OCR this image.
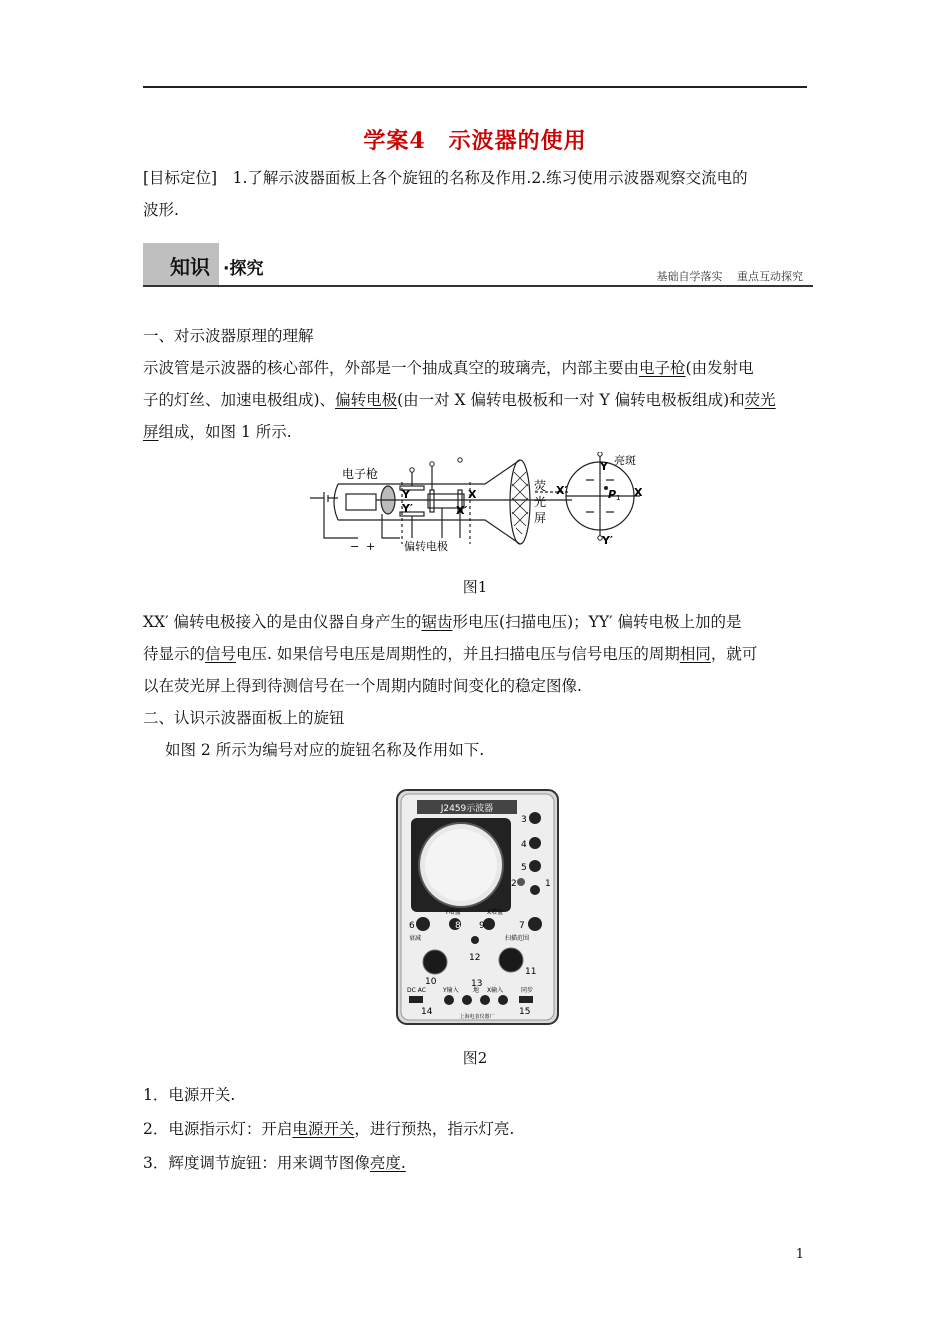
学案4　示波器的使用
[目标定位]　1.了解示波器面板上各个旋钮的名称及作用.2.练习使用示波器观察交流电的
波形.
知识 ·探究	基础自学落实　 重点互动探究
一、对示波器原理的理解
示波管是示波器的核心部件，外部是一个抽成真空的玻璃壳，内部主要由电子枪(由发射电
子的灯丝、加速电极组成)、偏转电极(由一对 X 偏转电极板和一对 Y 偏转电极板组成)和荧光
屏组成，如图 1 所示.
电子枪
Y
Y′
X
X′
荧
光
屏
X′	X
Y
Y′
亮斑
P 1
− +	偏转电极
图1
XX′ 偏转电极接入的是由仪器自身产生的锯齿形电压(扫描电压)；YY′ 偏转电极上加的是
待显示的信号电压. 如果信号电压是周期性的，并且扫描电压与信号电压的周期相同，就可
以在荧光屏上得到待测信号在一个周期内随时间变化的稳定图像.
二、认识示波器面板上的旋钮
如图 2 所示为编号对应的旋钮名称及作用如下.
J2459示波器
3
4
5
2	1
6	7
8 9
Y增益	X增益
衰减	扫描范围
12
10
11
13
Y输入 地 X输入	同步
DC AC
14	15
上海电表仪器厂
图2
1．电源开关.
2．电源指示灯：开启电源开关，进行预热，指示灯亮.
3．辉度调节旋钮：用来调节图像亮度.
1
